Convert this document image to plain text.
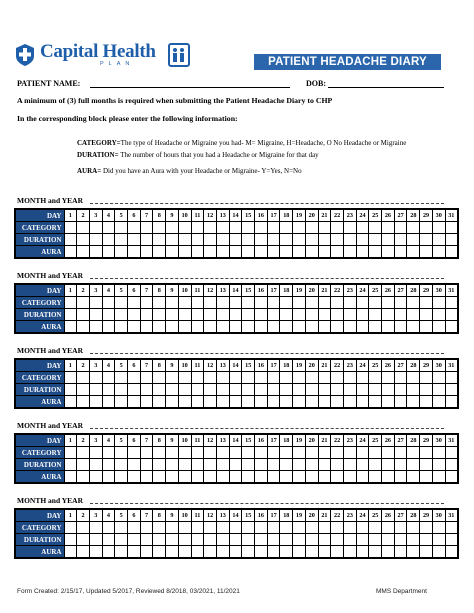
Capital Health
PLAN	PATIENT HEADACHE DIARY
PATIENT NAME:	DOB:
A minimum of (3) full months is required when submitting the Patient Headache Diary to CHP
In the corresponding block please enter the following information:
CATEGORY=The type of Headache or Migraine you had- M= Migraine, H=Headache, O No Headache or Migraine
DURATION= The number of hours that you had a Headache or Migraine for that day
AURA= Did you have an Aura with your Headache or Migraine- Y=Yes, N=No
MONTH and YEAR
DAY	1	2	3	4	5	6	7	8	9	10	11	12	13	14	15	16	17	18	19	20	21	22	23	24	25	26	27	28	29	30	31
CATEGORY																															
DURATION																															
AURA																															
MONTH and YEAR
DAY	1	2	3	4	5	6	7	8	9	10	11	12	13	14	15	16	17	18	19	20	21	22	23	24	25	26	27	28	29	30	31
CATEGORY																															
DURATION																															
AURA																															
MONTH and YEAR
DAY	1	2	3	4	5	6	7	8	9	10	11	12	13	14	15	16	17	18	19	20	21	22	23	24	25	26	27	28	29	30	31
CATEGORY																															
DURATION																															
AURA																															
MONTH and YEAR
DAY	1	2	3	4	5	6	7	8	9	10	11	12	13	14	15	16	17	18	19	20	21	22	23	24	25	26	27	28	29	30	31
CATEGORY																															
DURATION																															
AURA																															
MONTH and YEAR
DAY	1	2	3	4	5	6	7	8	9	10	11	12	13	14	15	16	17	18	19	20	21	22	23	24	25	26	27	28	29	30	31
CATEGORY																															
DURATION																															
AURA																															
Form Created: 2/15/17, Updated 5/2017, Reviewed 8/2018, 03/2021, 11/2021	MMS Department
